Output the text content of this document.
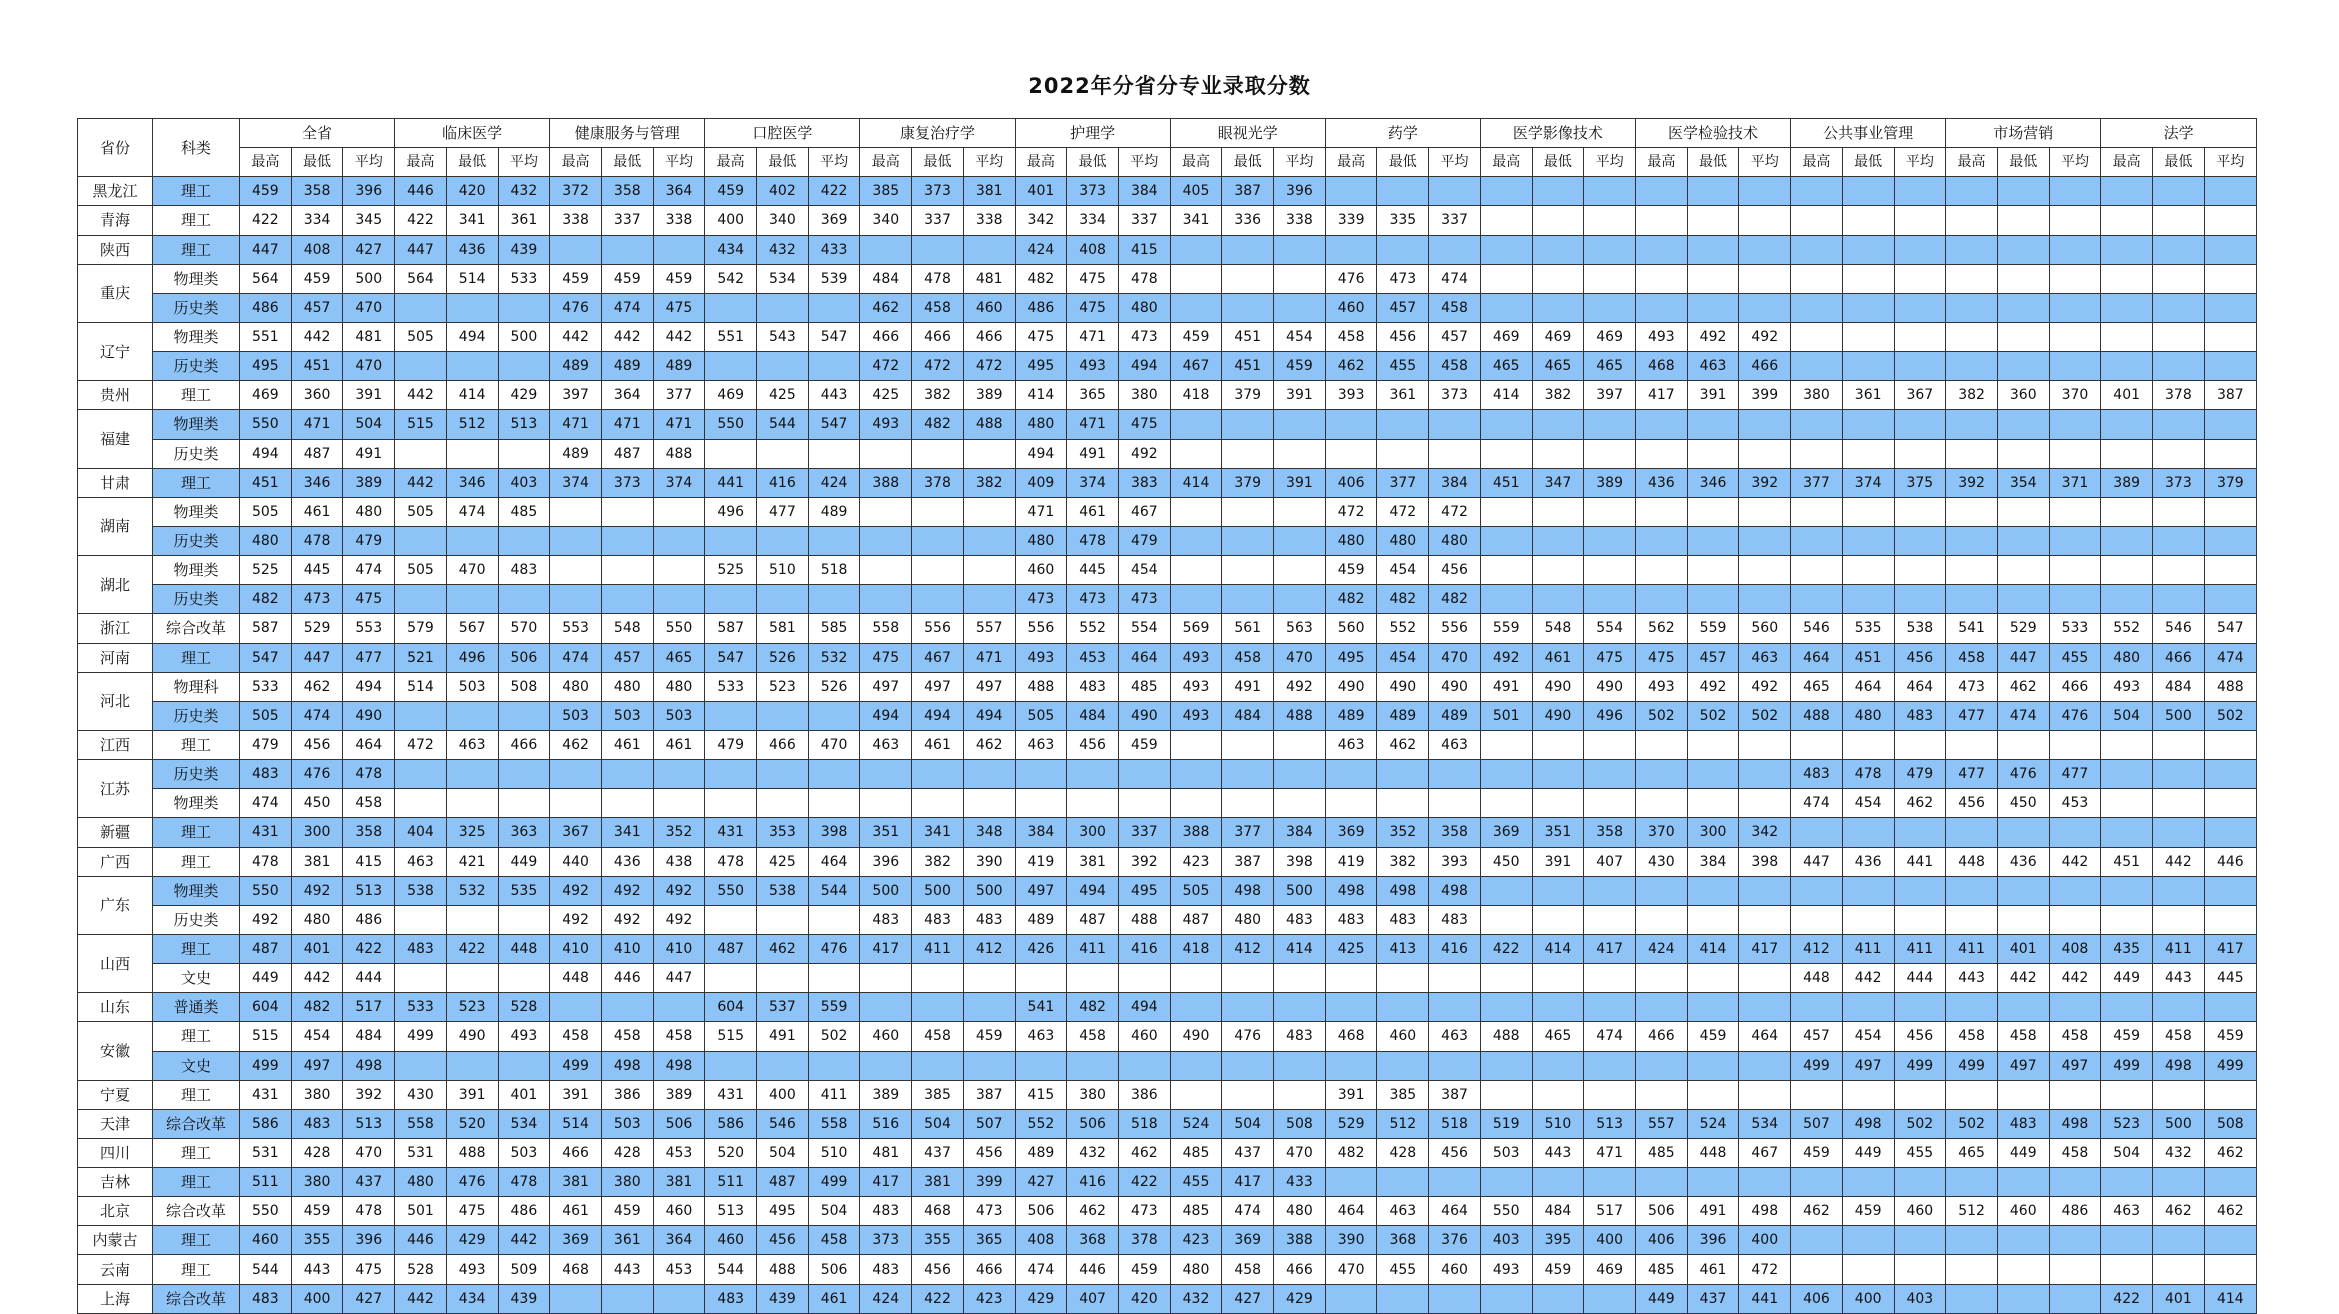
2022年分省分专业录取分数
省份	科类	全省			临床医学			健康服务与管理			口腔医学			康复治疗学			护理学			眼视光学			药学			医学影像技术			医学检验技术			公共事业管理			市场营销			法学		
		最高	最低	平均	最高	最低	平均	最高	最低	平均	最高	最低	平均	最高	最低	平均	最高	最低	平均	最高	最低	平均	最高	最低	平均	最高	最低	平均	最高	最低	平均	最高	最低	平均	最高	最低	平均	最高	最低	平均
黑龙江	理工	459	358	396	446	420	432	372	358	364	459	402	422	385	373	381	401	373	384	405	387	396																		
青海	理工	422	334	345	422	341	361	338	337	338	400	340	369	340	337	338	342	334	337	341	336	338	339	335	337															
陕西	理工	447	408	427	447	436	439				434	432	433				424	408	415																					
重庆	物理类	564	459	500	564	514	533	459	459	459	542	534	539	484	478	481	482	475	478				476	473	474															
	历史类	486	457	470				476	474	475				462	458	460	486	475	480				460	457	458															
辽宁	物理类	551	442	481	505	494	500	442	442	442	551	543	547	466	466	466	475	471	473	459	451	454	458	456	457	469	469	469	493	492	492									
	历史类	495	451	470				489	489	489				472	472	472	495	493	494	467	451	459	462	455	458	465	465	465	468	463	466									
贵州	理工	469	360	391	442	414	429	397	364	377	469	425	443	425	382	389	414	365	380	418	379	391	393	361	373	414	382	397	417	391	399	380	361	367	382	360	370	401	378	387
福建	物理类	550	471	504	515	512	513	471	471	471	550	544	547	493	482	488	480	471	475																					
	历史类	494	487	491				489	487	488							494	491	492																					
甘肃	理工	451	346	389	442	346	403	374	373	374	441	416	424	388	378	382	409	374	383	414	379	391	406	377	384	451	347	389	436	346	392	377	374	375	392	354	371	389	373	379
湖南	物理类	505	461	480	505	474	485				496	477	489				471	461	467				472	472	472															
	历史类	480	478	479													480	478	479				480	480	480															
湖北	物理类	525	445	474	505	470	483				525	510	518				460	445	454				459	454	456															
	历史类	482	473	475													473	473	473				482	482	482															
浙江	综合改革	587	529	553	579	567	570	553	548	550	587	581	585	558	556	557	556	552	554	569	561	563	560	552	556	559	548	554	562	559	560	546	535	538	541	529	533	552	546	547
河南	理工	547	447	477	521	496	506	474	457	465	547	526	532	475	467	471	493	453	464	493	458	470	495	454	470	492	461	475	475	457	463	464	451	456	458	447	455	480	466	474
河北	物理科	533	462	494	514	503	508	480	480	480	533	523	526	497	497	497	488	483	485	493	491	492	490	490	490	491	490	490	493	492	492	465	464	464	473	462	466	493	484	488
	历史类	505	474	490				503	503	503				494	494	494	505	484	490	493	484	488	489	489	489	501	490	496	502	502	502	488	480	483	477	474	476	504	500	502
江西	理工	479	456	464	472	463	466	462	461	461	479	466	470	463	461	462	463	456	459				463	462	463															
江苏	历史类	483	476	478																												483	478	479	477	476	477			
	物理类	474	450	458																												474	454	462	456	450	453			
新疆	理工	431	300	358	404	325	363	367	341	352	431	353	398	351	341	348	384	300	337	388	377	384	369	352	358	369	351	358	370	300	342									
广西	理工	478	381	415	463	421	449	440	436	438	478	425	464	396	382	390	419	381	392	423	387	398	419	382	393	450	391	407	430	384	398	447	436	441	448	436	442	451	442	446
广东	物理类	550	492	513	538	532	535	492	492	492	550	538	544	500	500	500	497	494	495	505	498	500	498	498	498															
	历史类	492	480	486				492	492	492				483	483	483	489	487	488	487	480	483	483	483	483															
山西	理工	487	401	422	483	422	448	410	410	410	487	462	476	417	411	412	426	411	416	418	412	414	425	413	416	422	414	417	424	414	417	412	411	411	411	401	408	435	411	417
	文史	449	442	444				448	446	447																						448	442	444	443	442	442	449	443	445
山东	普通类	604	482	517	533	523	528				604	537	559				541	482	494																					
安徽	理工	515	454	484	499	490	493	458	458	458	515	491	502	460	458	459	463	458	460	490	476	483	468	460	463	488	465	474	466	459	464	457	454	456	458	458	458	459	458	459
	文史	499	497	498				499	498	498																						499	497	499	499	497	497	499	498	499
宁夏	理工	431	380	392	430	391	401	391	386	389	431	400	411	389	385	387	415	380	386				391	385	387															
天津	综合改革	586	483	513	558	520	534	514	503	506	586	546	558	516	504	507	552	506	518	524	504	508	529	512	518	519	510	513	557	524	534	507	498	502	502	483	498	523	500	508
四川	理工	531	428	470	531	488	503	466	428	453	520	504	510	481	437	456	489	432	462	485	437	470	482	428	456	503	443	471	485	448	467	459	449	455	465	449	458	504	432	462
吉林	理工	511	380	437	480	476	478	381	380	381	511	487	499	417	381	399	427	416	422	455	417	433																		
北京	综合改革	550	459	478	501	475	486	461	459	460	513	495	504	483	468	473	506	462	473	485	474	480	464	463	464	550	484	517	506	491	498	462	459	460	512	460	486	463	462	462
内蒙古	理工	460	355	396	446	429	442	369	361	364	460	456	458	373	355	365	408	368	378	423	369	388	390	368	376	403	395	400	406	396	400									
云南	理工	544	443	475	528	493	509	468	443	453	544	488	506	483	456	466	474	446	459	480	458	466	470	455	460	493	459	469	485	461	472									
上海	综合改革	483	400	427	442	434	439				483	439	461	424	422	423	429	407	420	432	427	429							449	437	441	406	400	403				422	401	414
